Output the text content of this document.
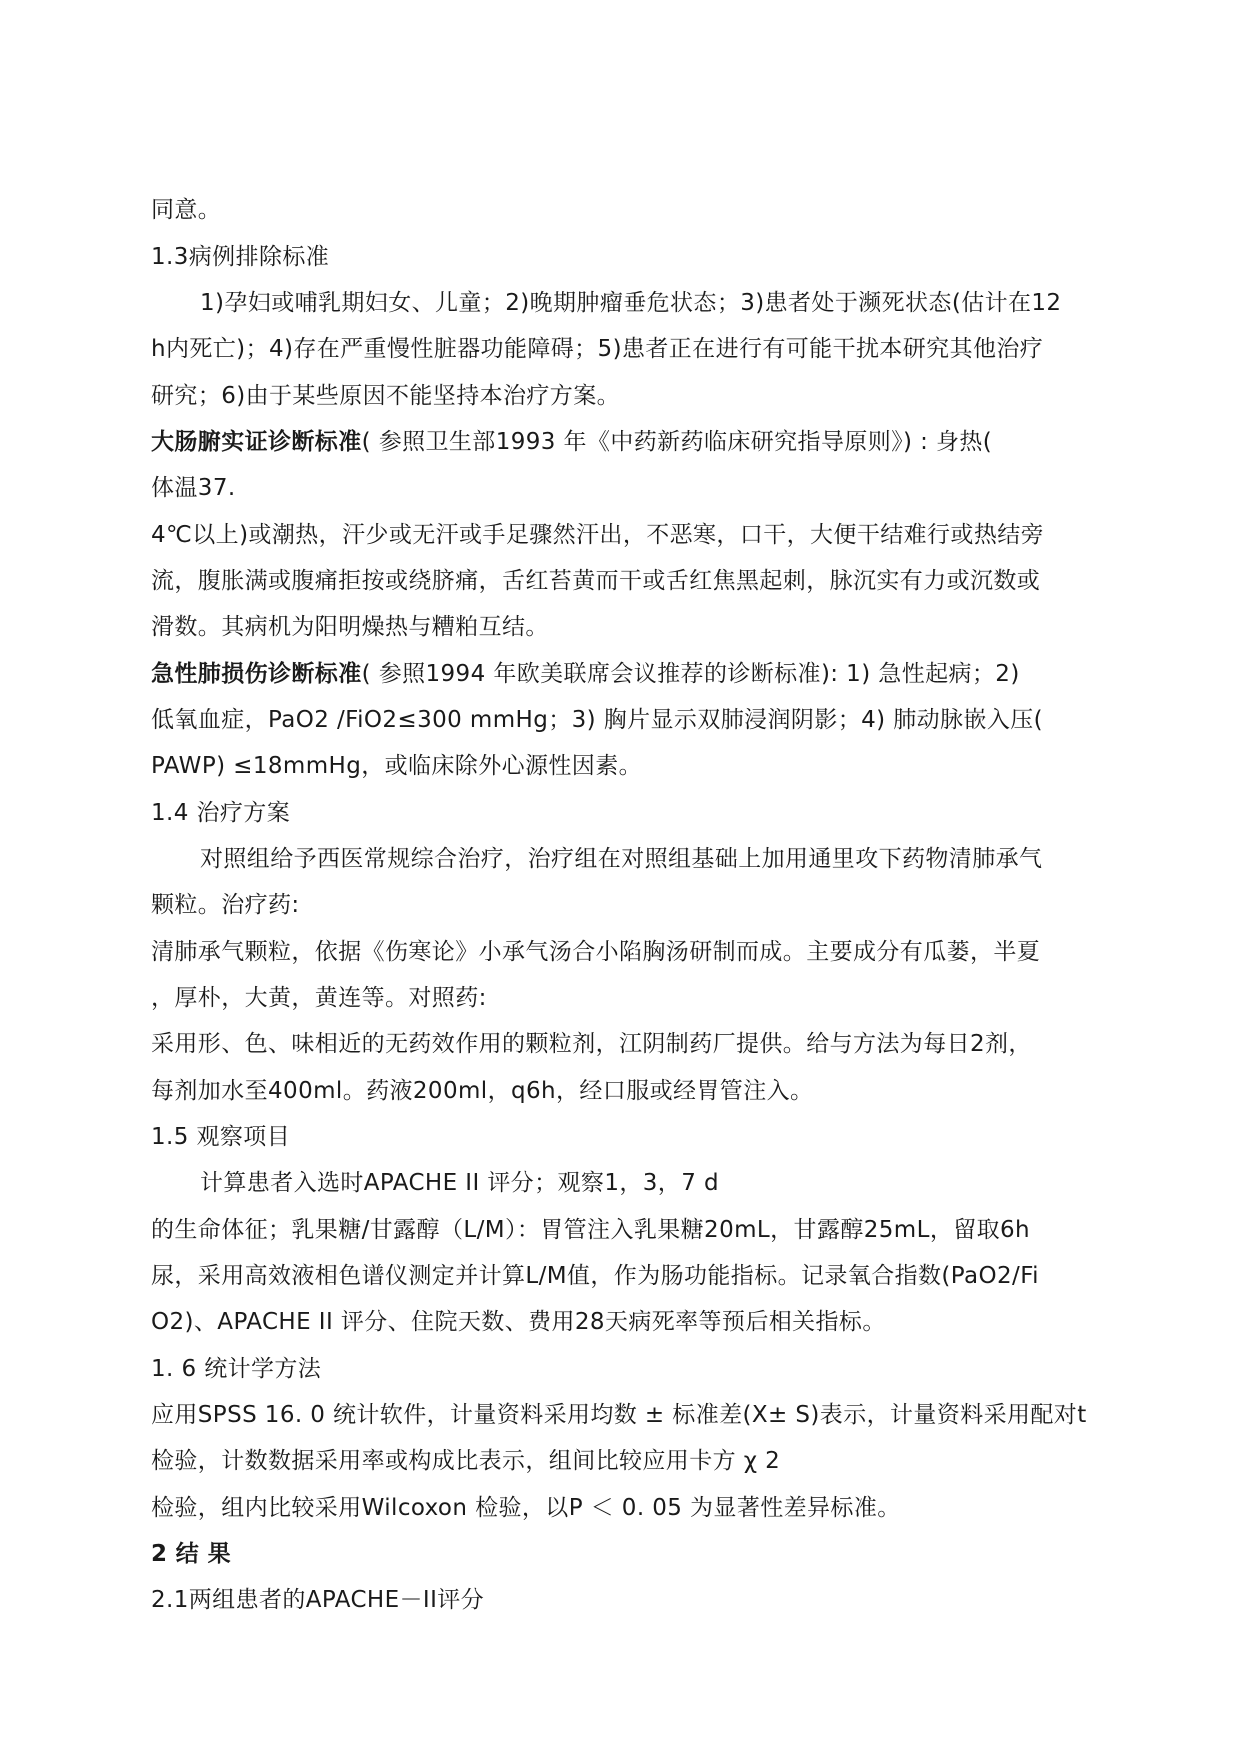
同意。
1.3病例排除标准
1)孕妇或哺乳期妇女、儿童；2)晚期肿瘤垂危状态；3)患者处于濒死状态(估计在12
h内死亡)；4)存在严重慢性脏器功能障碍；5)患者正在进行有可能干扰本研究其他治疗
研究；6)由于某些原因不能坚持本治疗方案。
大肠腑实证诊断标准( 参照卫生部1993 年《中药新药临床研究指导原则》) : 身热(
体温37.
4℃以上)或潮热，汗少或无汗或手足骤然汗出，不恶寒，口干，大便干结难行或热结旁
流，腹胀满或腹痛拒按或绕脐痛，舌红苔黄而干或舌红焦黑起刺，脉沉实有力或沉数或
滑数。其病机为阳明燥热与糟粕互结。
急性肺损伤诊断标准( 参照1994 年欧美联席会议推荐的诊断标准): 1) 急性起病；2)
低氧血症，PaO2 /FiO2≤300 mmHg；3) 胸片显示双肺浸润阴影；4) 肺动脉嵌入压(
PAWP) ≤18mmHg，或临床除外心源性因素。
1.4 治疗方案
对照组给予西医常规综合治疗，治疗组在对照组基础上加用通里攻下药物清肺承气
颗粒。治疗药:
清肺承气颗粒，依据《伤寒论》小承气汤合小陷胸汤研制而成。主要成分有瓜蒌，半夏
，厚朴，大黄，黄连等。对照药:
采用形、色、味相近的无药效作用的颗粒剂，江阴制药厂提供。给与方法为每日2剂，
每剂加水至400ml。药液200ml，q6h，经口服或经胃管注入。
1.5 观察项目
计算患者入选时APACHE II 评分；观察1，3，7 d
的生命体征；乳果糖/甘露醇（L/M）：胃管注入乳果糖20mL，甘露醇25mL，留取6h
尿，采用高效液相色谱仪测定并计算L/M值，作为肠功能指标。记录氧合指数(PaO2/Fi
O2)、APACHE II 评分、住院天数、费用28天病死率等预后相关指标。
1. 6 统计学方法
应用SPSS 16. 0 统计软件，计量资料采用均数 ± 标准差(X± S)表示，计量资料采用配对t
检验，计数数据采用率或构成比表示，组间比较应用卡方 χ 2
检验，组内比较采用Wilcoxon 检验，以P ＜ 0. 05 为显著性差异标准。
2 结 果
2.1两组患者的APACHE－II评分
